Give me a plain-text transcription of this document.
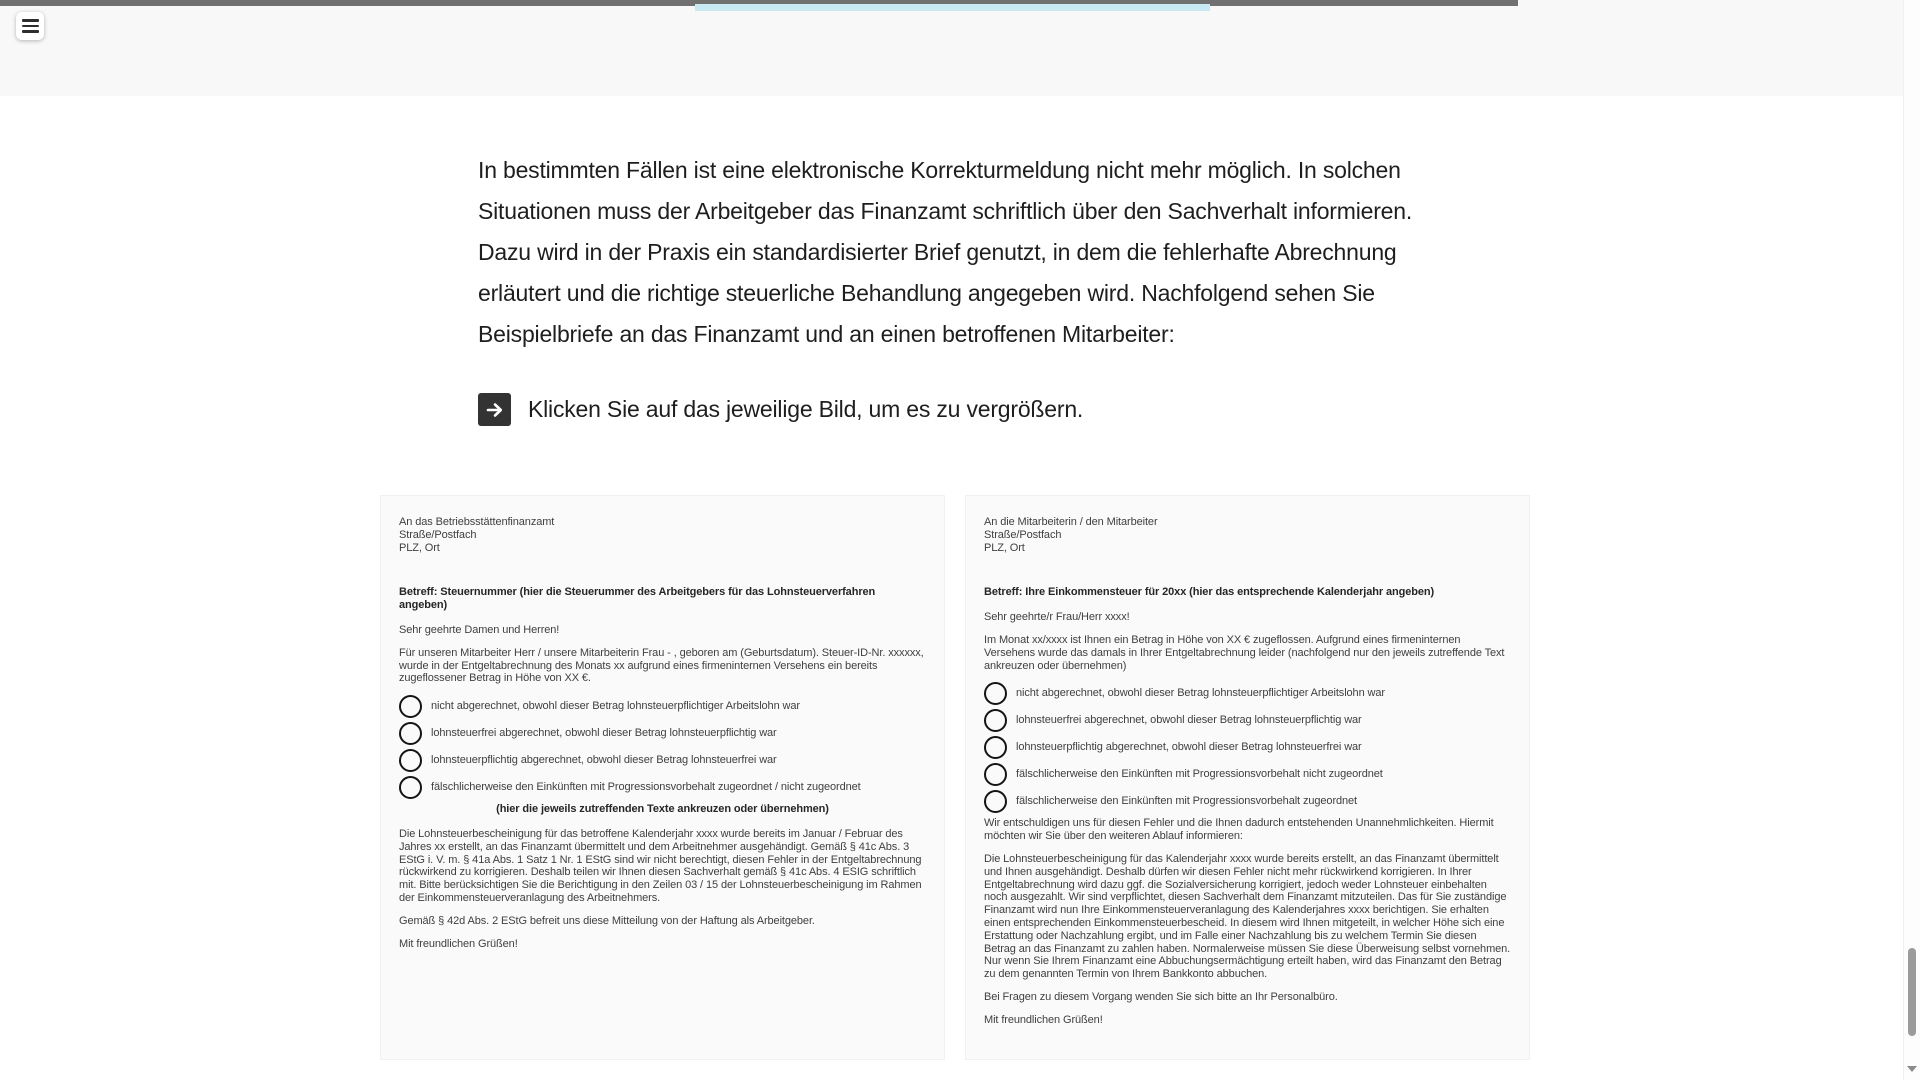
In bestimmten Fällen ist eine elektronische Korrekturmeldung nicht mehr möglich. In solchen Situationen muss der Arbeitgeber das Finanzamt schriftlich über den Sachverhalt informieren. Dazu wird in der Praxis ein standardisierter Brief genutzt, in dem die fehlerhafte Abrechnung erläutert und die richtige steuerliche Behandlung angegeben wird. Nachfolgend sehen Sie Beispielbriefe an das Finanzamt und an einen betroffenen Mitarbeiter:
Klicken Sie auf das jeweilige Bild, um es zu vergrößern.
An das Betriebsstättenfinanzamt
Straße/Postfach
PLZ, Ort
Betreff: Steuernummer (hier die Steuerummer des Arbeitgebers für das Lohnsteuerverfahren angeben)
Sehr geehrte Damen und Herren!

Für unseren Mitarbeiter Herr / unsere Mitarbeiterin Frau - , geboren am (Geburtsdatum). Steuer-ID-Nr. xxxxxx, wurde in der Entgeltabrechnung des Monats xx aufgrund eines firmeninternen Versehens ein bereits zugeflossener Betrag in Höhe von XX €.

nicht abgerechnet, obwohl dieser Betrag lohnsteuerpflichtiger Arbeitslohn war
lohnsteuerfrei abgerechnet, obwohl dieser Betrag lohnsteuerpflichtig war
lohnsteuerpflichtig abgerechnet, obwohl dieser Betrag lohnsteuerfrei war
fälschlicherweise den Einkünften mit Progressionsvorbehalt zugeordnet / nicht zugeordnet
(hier die jeweils zutreffenden Texte ankreuzen oder übernehmen)

Die Lohnsteuerbescheinigung für das betroffene Kalenderjahr xxxx wurde bereits im Januar / Februar des Jahres xx erstellt, an das Finanzamt übermittelt und dem Arbeitnehmer ausgehändigt. Gemäß § 41c Abs. 3 EStG i. V. m. § 41a Abs. 1 Satz 1 Nr. 1 EStG sind wir nicht berechtigt, diesen Fehler in der Entgeltabrechnung rückwirkend zu korrigieren. Deshalb teilen wir Ihnen diesen Sachverhalt gemäß § 41c Abs. 4 ESIG schriftlich mit. Bitte berücksichtigen Sie die Berichtigung in den Zeilen 03 / 15 der Lohnsteuerbescheinigung im Rahmen der Einkommensteuerveranlagung des Arbeitnehmers.

Gemäß § 42d Abs. 2 EStG befreit uns diese Mitteilung von der Haftung als Arbeitgeber.

Mit freundlichen Grüßen!

An die Mitarbeiterin / den Mitarbeiter
Straße/Postfach
PLZ, Ort
Betreff: Ihre Einkommensteuer für 20xx (hier das entsprechende Kalenderjahr angeben)
Sehr geehrte/r Frau/Herr xxxx!

Im Monat xx/xxxx ist Ihnen ein Betrag in Höhe von XX € zugeflossen. Aufgrund eines firmeninternen Versehens wurde das damals in Ihrer Entgeltabrechnung leider (nachfolgend nur den jeweils zutreffende Text ankreuzen oder übernehmen)

nicht abgerechnet, obwohl dieser Betrag lohnsteuerpflichtiger Arbeitslohn war
lohnsteuerfrei abgerechnet, obwohl dieser Betrag lohnsteuerpflichtig war
lohnsteuerpflichtig abgerechnet, obwohl dieser Betrag lohnsteuerfrei war
fälschlicherweise den Einkünften mit Progressionsvorbehalt nicht zugeordnet
fälschlicherweise den Einkünften mit Progressionsvorbehalt zugeordnet

Wir entschuldigen uns für diesen Fehler und die Ihnen dadurch entstehenden Unannehmlichkeiten. Hiermit möchten wir Sie über den weiteren Ablauf informieren:

Die Lohnsteuerbescheinigung für das Kalenderjahr xxxx wurde bereits erstellt, an das Finanzamt übermittelt und Ihnen ausgehändigt. Deshalb dürfen wir diesen Fehler nicht mehr rückwirkend korrigieren. In Ihrer Entgeltabrechnung wird dazu ggf. die Sozialversicherung korrigiert, jedoch weder Lohnsteuer einbehalten noch ausgezahlt. Wir sind verpflichtet, diesen Sachverhalt dem Finanzamt mitzuteilen. Das für Sie zuständige Finanzamt wird nun Ihre Einkommensteuerveranlagung des Kalenderjahres xxxx berichtigen. Sie erhalten einen entsprechenden Einkommensteuerbescheid. In diesem wird Ihnen mitgeteilt, in welcher Höhe sich eine Erstattung oder Nachzahlung ergibt, und im Falle einer Nachzahlung bis zu welchem Termin Sie diesen Betrag an das Finanzamt zu zahlen haben. Normalerweise müssen Sie diese Überweisung selbst vornehmen. Nur wenn Sie Ihrem Finanzamt eine Abbuchungsermächtigung erteilt haben, wird das Finanzamt den Betrag zu dem genannten Termin von Ihrem Bankkonto abbuchen.

Bei Fragen zu diesem Vorgang wenden Sie sich bitte an Ihr Personalbüro.

Mit freundlichen Grüßen!
